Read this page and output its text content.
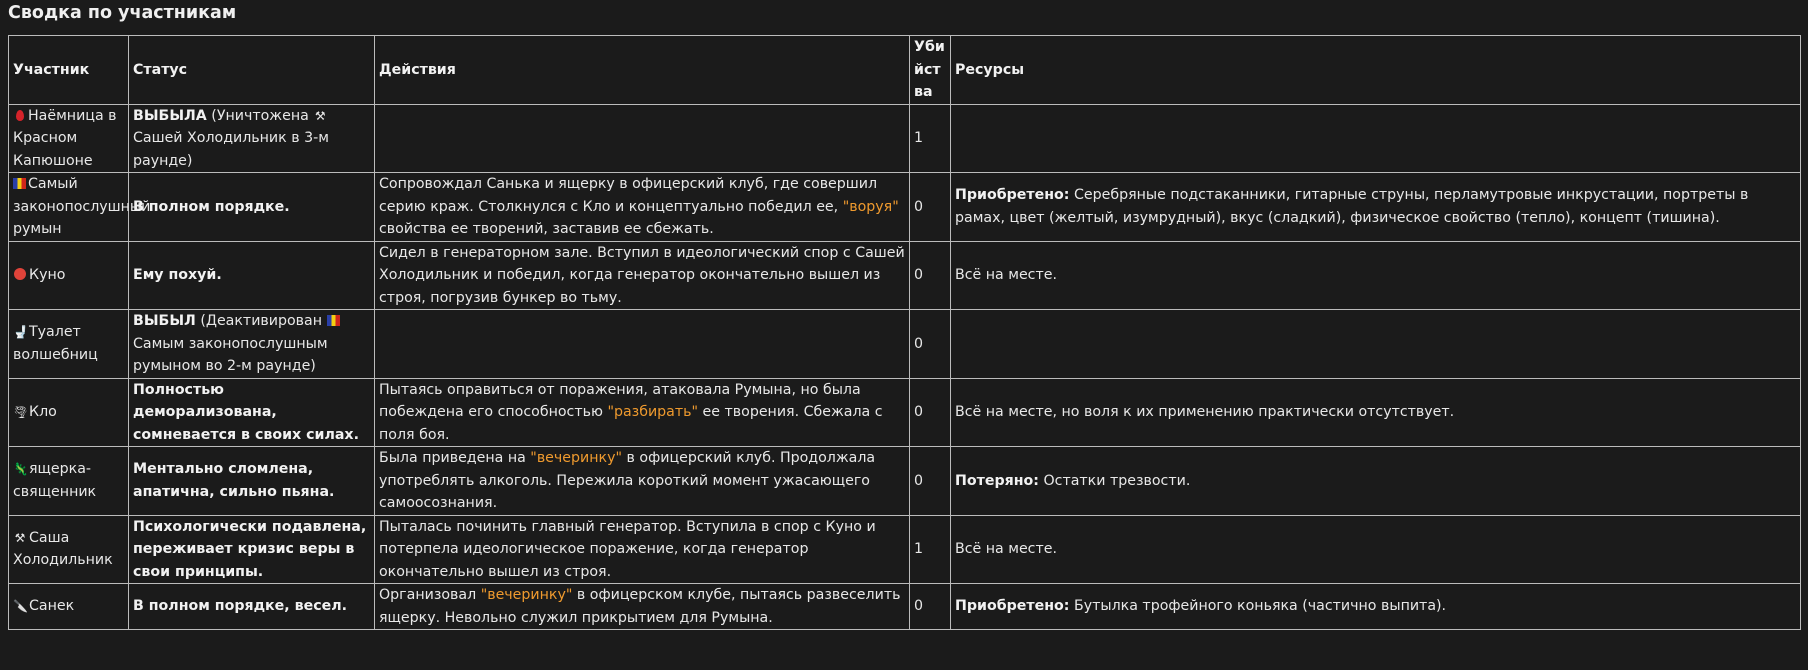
Сводка по участникам
Участник	Статус	Действия	Убийства	Ресурсы
Наёмница в Красном Капюшоне	ВЫБЫЛА (Уничтожена ⚒Сашей Холодильник в 3-м раунде)		1	
Самый законопослушный румын	В полном порядке.	Сопровождал Санька и ящерку в офицерский клуб, где совершил серию краж. Столкнулся с Кло и концептуально победил ее, "воруя" свойства ее творений, заставив ее сбежать.	0	Приобретено: Серебряные подстаканники, гитарные струны, перламутровые инкрустации, портреты в рамах, цвет (желтый, изумрудный), вкус (сладкий), физическое свойство (тепло), концепт (тишина).
Куно	Ему похуй.	Сидел в генераторном зале. Вступил в идеологический спор с Сашей Холодильник и победил, когда генератор окончательно вышел из строя, погрузив бункер во тьму.	0	Всё на месте.
🚽Туалет волшебниц	ВЫБЫЛ (Деактивирован Самым законопослушным румыном во 2-м раунде)		0	
🌪Кло	Полностью деморализована, сомневается в своих силах.	Пытаясь оправиться от поражения, атаковала Румына, но была побеждена его способностью "разбирать" ее творения. Сбежала с поля боя.	0	Всё на месте, но воля к их применению практически отсутствует.
🦎ящерка-священник	Ментально сломлена, апатична, сильно пьяна.	Была приведена на "вечеринку" в офицерский клуб. Продолжала употреблять алкоголь. Пережила короткий момент ужасающего самоосознания.	0	Потеряно: Остатки трезвости.
⚒ Саша Холодильник	Психологически подавлена, переживает кризис веры в свои принципы.	Пыталась починить главный генератор. Вступила в спор с Куно и потерпела идеологическое поражение, когда генератор окончательно вышел из строя.	1	Всё на месте.
🔪Санек	В полном порядке, весел.	Организовал "вечеринку" в офицерском клубе, пытаясь развеселить ящерку. Невольно служил прикрытием для Румына.	0	Приобретено: Бутылка трофейного коньяка (частично выпита).
